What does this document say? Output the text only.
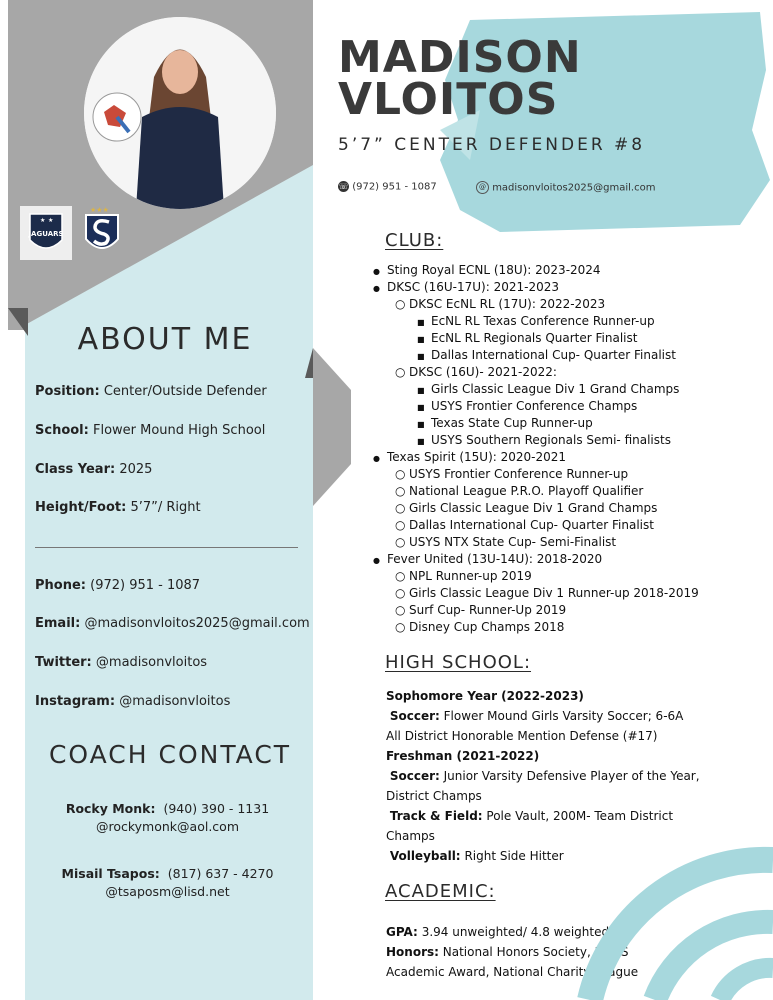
JAGUARS
★ ★
★★★
ABOUT ME
Position: Center/Outside Defender
School: Flower Mound High School
Class Year: 2025
Height/Foot: 5’7”/ Right
Phone: (972) 951 - 1087
Email: @madisonvloitos2025@gmail.com
Twitter: @madisonvloitos
Instagram: @madisonvloitos
COACH CONTACT
Rocky Monk: (940) 390 - 1131
@rockymonk@aol.com
Misail Tsapos: (817) 637 - 4270
@tsaposm@lisd.net
MADISON
VLOITOS
5’7” CENTER DEFENDER #8
☏ (972) 951 - 1087	@ madisonvloitos2025@gmail.com
CLUB:
● Sting Royal ECNL (18U): 2023-2024
● DKSC (16U-17U): 2021-2023
○ DKSC EcNL RL (17U): 2022-2023
■ EcNL RL Texas Conference Runner-up
■ EcNL RL Regionals Quarter Finalist
■ Dallas International Cup- Quarter Finalist
○ DKSC (16U)- 2021-2022:
■ Girls Classic League Div 1 Grand Champs
■ USYS Frontier Conference Champs
■ Texas State Cup Runner-up
■ USYS Southern Regionals Semi- finalists
● Texas Spirit (15U): 2020-2021
○ USYS Frontier Conference Runner-up
○ National League P.R.O. Playoff Qualifier
○ Girls Classic League Div 1 Grand Champs
○ Dallas International Cup- Quarter Finalist
○ USYS NTX State Cup- Semi-Finalist
● Fever United (13U-14U): 2018-2020
○ NPL Runner-up 2019
○ Girls Classic League Div 1 Runner-up 2018-2019
○ Surf Cup- Runner-Up 2019
○ Disney Cup Champs 2018
HIGH SCHOOL:
Sophomore Year (2022-2023)
Soccer: Flower Mound Girls Varsity Soccer; 6-6A
All District Honorable Mention Defense (#17)
Freshman (2021-2022)
Soccer: Junior Varsity Defensive Player of the Year,
District Champs
Track & Field: Pole Vault, 200M- Team District
Champs
Volleyball: Right Side Hitter
ACADEMIC:
GPA: 3.94 unweighted/ 4.8 weighted
Honors: National Honors Society, FMHS
Academic Award, National Charity League
